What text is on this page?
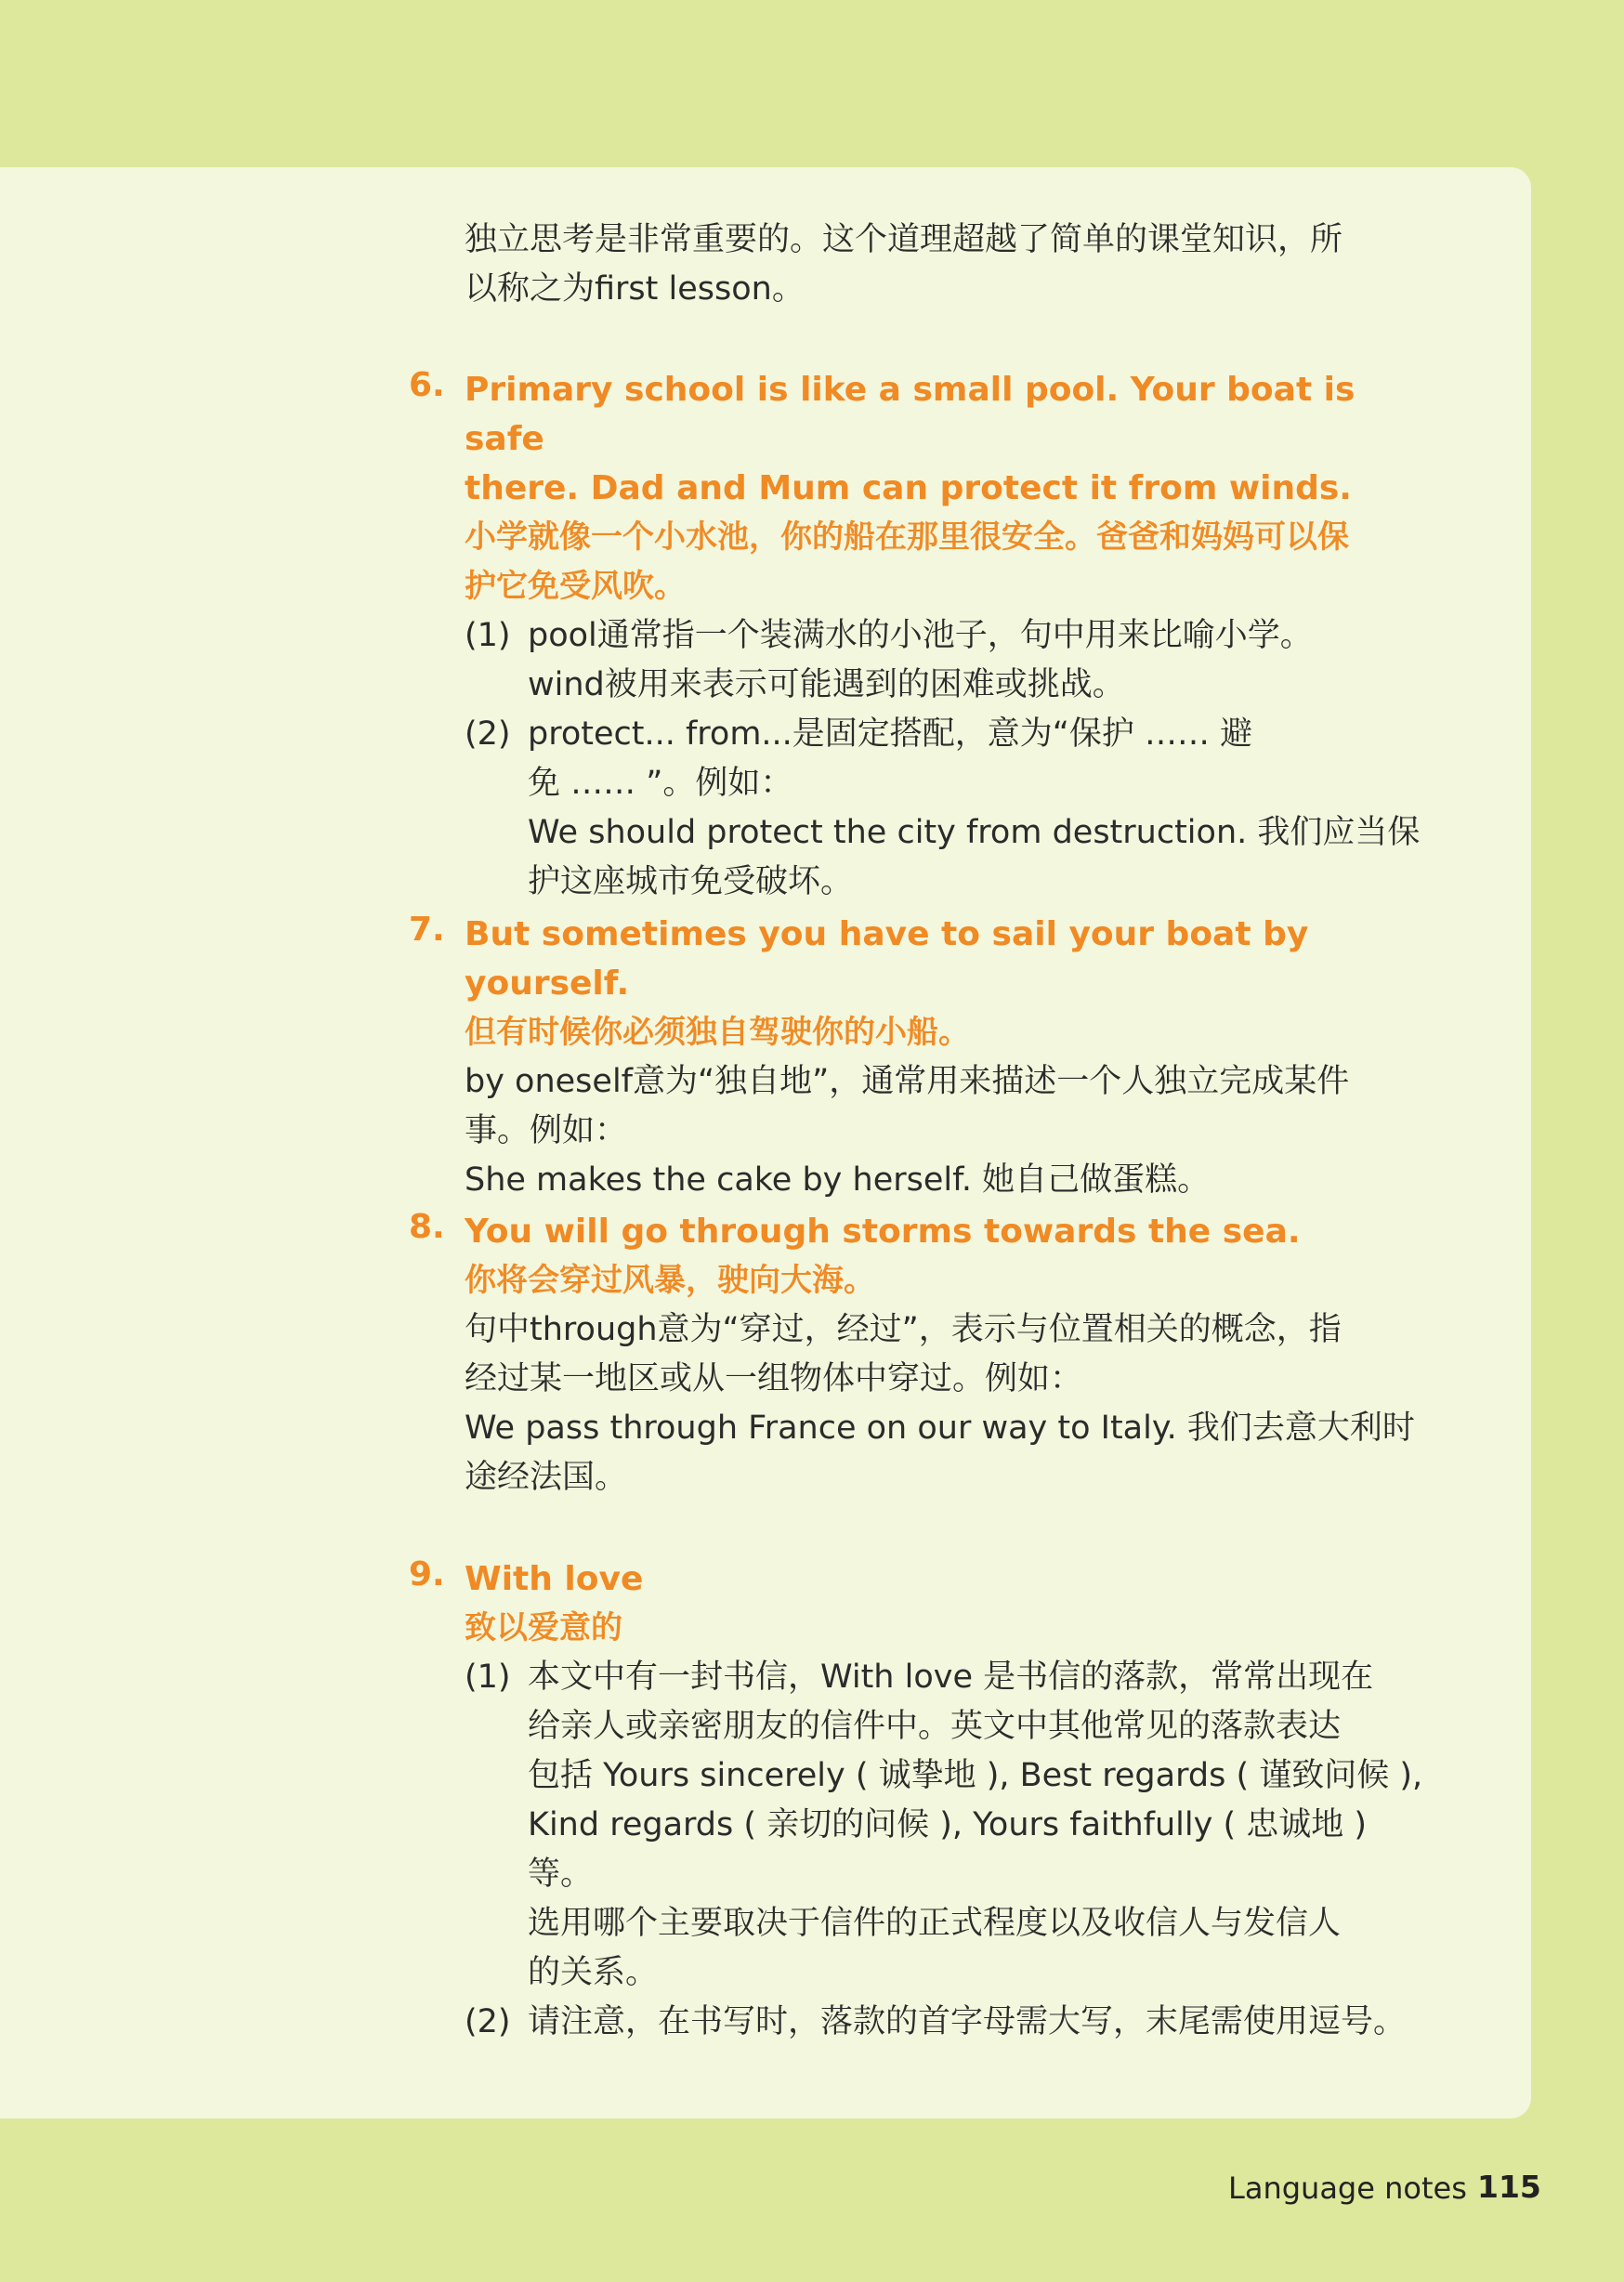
独立思考是非常重要的。这个道理超越了简单的课堂知识，所

以称之为first lesson。

6. Primary school is like a small pool. Your boat is safe

there. Dad and Mum can protect it from winds.

小学就像一个小水池，你的船在那里很安全。爸爸和妈妈可以保

护它免受风吹。

(1) pool通常指一个装满水的小池子，句中用来比喻小学。

wind被用来表示可能遇到的困难或挑战。

(2) protect... from...是固定搭配，意为“保护 …… 避

免 …… ”。例如：

We should protect the city from destruction. 我们应当保

护这座城市免受破坏。

7. But sometimes you have to sail your boat by yourself.

但有时候你必须独自驾驶你的小船。

by oneself意为“独自地”，通常用来描述一个人独立完成某件

事。例如：

She makes the cake by herself. 她自己做蛋糕。

8. You will go through storms towards the sea.

你将会穿过风暴，驶向大海。

句中through意为“穿过，经过”，表示与位置相关的概念，指

经过某一地区或从一组物体中穿过。例如：

We pass through France on our way to Italy. 我们去意大利时

途经法国。

9. With love

致以爱意的

(1) 本文中有一封书信，With love 是书信的落款，常常出现在

给亲人或亲密朋友的信件中。英文中其他常见的落款表达

包括 Yours sincerely ( 诚挚地 ), Best regards ( 谨致问候 ),

Kind regards ( 亲切的问候 ), Yours faithfully ( 忠诚地 ) 等。

选用哪个主要取决于信件的正式程度以及收信人与发信人

的关系。

(2) 请注意，在书写时，落款的首字母需大写，末尾需使用逗号。

Language notes 115
